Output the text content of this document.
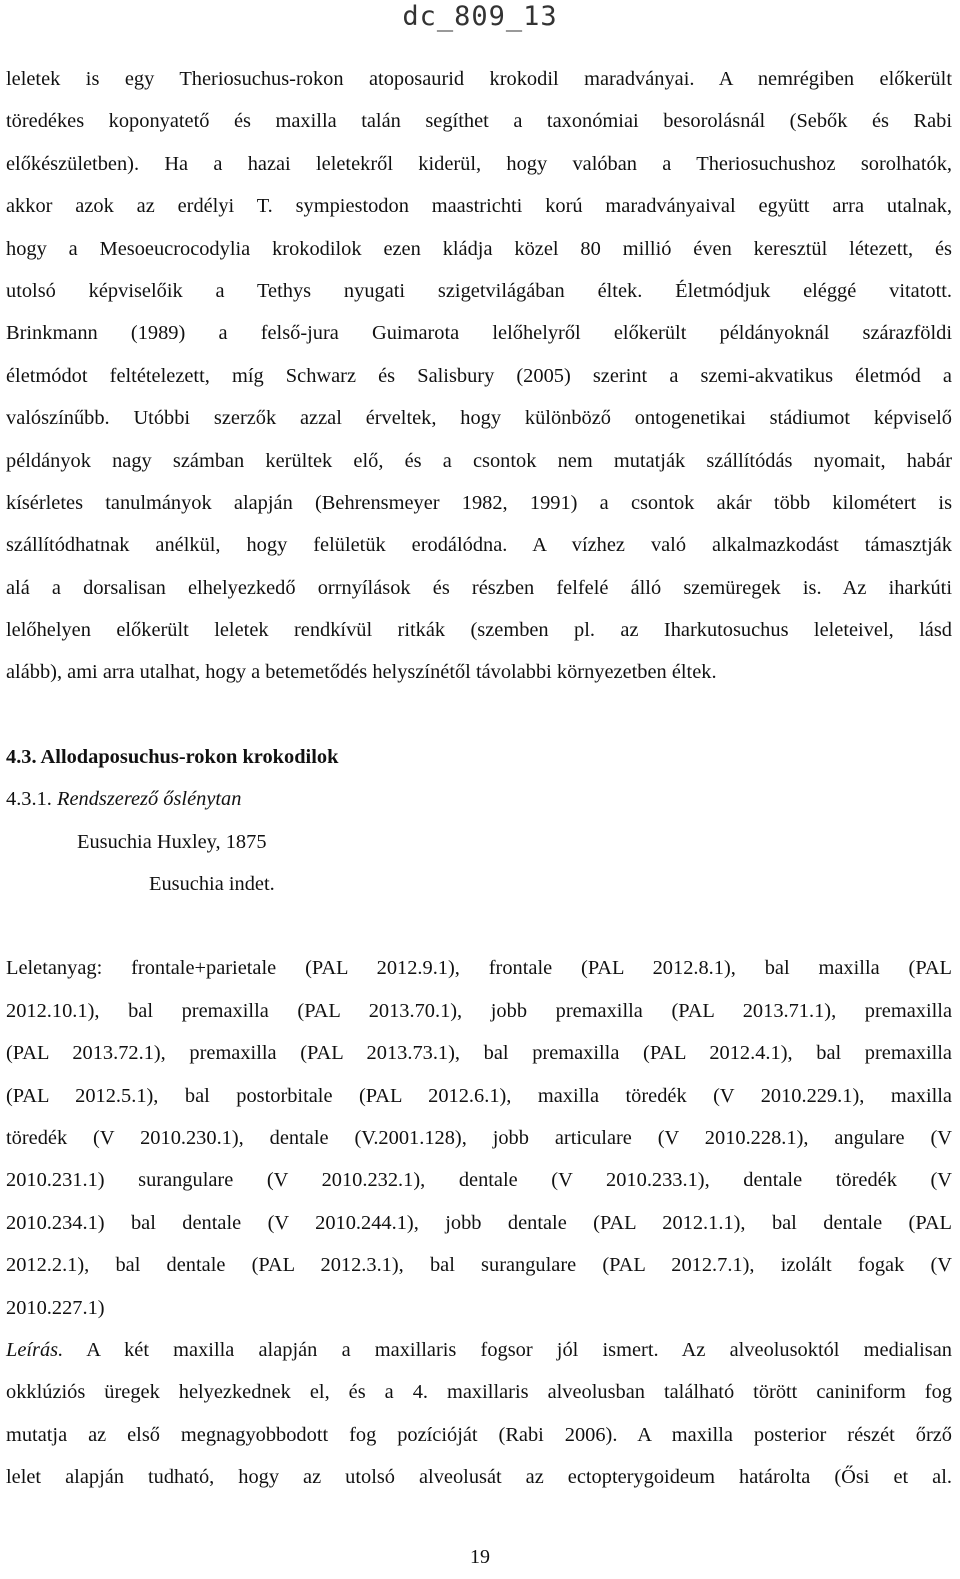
dc_809_13

leletek is egy Theriosuchus-rokon atoposaurid krokodil maradványai. A nemrégiben előkerült
töredékes koponyatető és maxilla talán segíthet a taxonómiai besorolásnál (Sebők és Rabi
előkészületben). Ha a hazai leletekről kiderül, hogy valóban a Theriosuchushoz sorolhatók,
akkor azok az erdélyi T. sympiestodon maastrichti korú maradványaival együtt arra utalnak,
hogy a Mesoeucrocodylia krokodilok ezen kládja közel 80 millió éven keresztül létezett, és
utolsó képviselőik a Tethys nyugati szigetvilágában éltek. Életmódjuk eléggé vitatott.
Brinkmann (1989) a felső-jura Guimarota lelőhelyről előkerült példányoknál szárazföldi
életmódot feltételezett, míg Schwarz és Salisbury (2005) szerint a szemi-akvatikus életmód a
valószínűbb. Utóbbi szerzők azzal érveltek, hogy különböző ontogenetikai stádiumot képviselő
példányok nagy számban kerültek elő, és a csontok nem mutatják szállítódás nyomait, habár
kísérletes tanulmányok alapján (Behrensmeyer 1982, 1991) a csontok akár több kilométert is
szállítódhatnak anélkül, hogy felületük erodálódna. A vízhez való alkalmazkodást támasztják
alá a dorsalisan elhelyezkedő orrnyílások és részben felfelé álló szemüregek is. Az iharkúti
lelőhelyen előkerült leletek rendkívül ritkák (szemben pl. az Iharkutosuchus leleteivel, lásd
alább), ami arra utalhat, hogy a betemetődés helyszínétől távolabbi környezetben éltek.

4.3. Allodaposuchus-rokon krokodilok

4.3.1. Rendszerező őslénytan

Eusuchia Huxley, 1875

Eusuchia indet.

Leletanyag: frontale+parietale (PAL 2012.9.1), frontale (PAL 2012.8.1), bal maxilla (PAL
2012.10.1), bal premaxilla (PAL 2013.70.1), jobb premaxilla (PAL 2013.71.1), premaxilla
(PAL 2013.72.1), premaxilla (PAL 2013.73.1), bal premaxilla (PAL 2012.4.1), bal premaxilla
(PAL 2012.5.1), bal postorbitale (PAL 2012.6.1), maxilla töredék (V 2010.229.1), maxilla
töredék (V 2010.230.1), dentale (V.2001.128), jobb articulare (V 2010.228.1), angulare (V
2010.231.1) surangulare (V 2010.232.1), dentale (V 2010.233.1), dentale töredék (V
2010.234.1) bal dentale (V 2010.244.1), jobb dentale (PAL 2012.1.1), bal dentale (PAL
2012.2.1), bal dentale (PAL 2012.3.1), bal surangulare (PAL 2012.7.1), izolált fogak (V
2010.227.1)

Leírás. A két maxilla alapján a maxillaris fogsor jól ismert. Az alveolusoktól medialisan
okklúziós üregek helyezkednek el, és a 4. maxillaris alveolusban található törött caniniform fog
mutatja az első megnagyobbodott fog pozícióját (Rabi 2006). A maxilla posterior részét őrző
lelet alapján tudható, hogy az utolsó alveolusát az ectopterygoideum határolta (Ősi et al.

19
